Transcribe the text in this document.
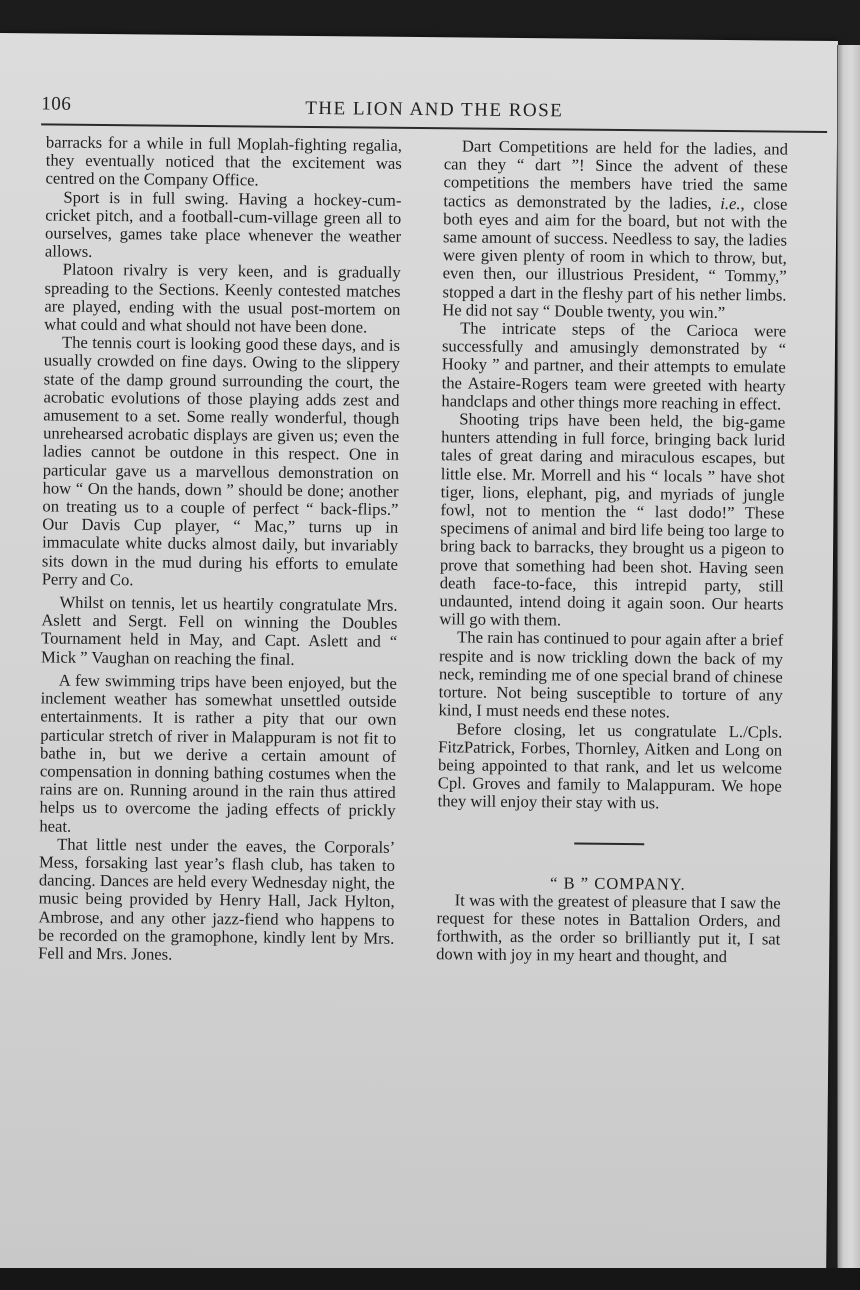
106	THE LION AND THE ROSE

barracks for a while in full Moplah-fighting regalia, they eventually noticed that the excitement was centred on the Company Office.

Sport is in full swing. Having a hockey-cum-cricket pitch, and a football-cum-village green all to ourselves, games take place whenever the weather allows.

Platoon rivalry is very keen, and is gradually spreading to the Sections. Keenly contested matches are played, ending with the usual post-mortem on what could and what should not have been done.

The tennis court is looking good these days, and is usually crowded on fine days. Owing to the slippery state of the damp ground surrounding the court, the acrobatic evolutions of those playing adds zest and amusement to a set. Some really wonderful, though unrehearsed acrobatic displays are given us; even the ladies cannot be outdone in this respect. One in particular gave us a marvellous demonstration on how “ On the hands, down ” should be done; another on treating us to a couple of perfect “ back-flips.” Our Davis Cup player, “ Mac,” turns up in immaculate white ducks almost daily, but invariably sits down in the mud during his efforts to emulate Perry and Co.

Whilst on tennis, let us heartily congratulate Mrs. Aslett and Sergt. Fell on winning the Doubles Tournament held in May, and Capt. Aslett and “ Mick ” Vaughan on reaching the final.

A few swimming trips have been enjoyed, but the inclement weather has somewhat unsettled outside entertainments. It is rather a pity that our own particular stretch of river in Malappuram is not fit to bathe in, but we derive a certain amount of compensation in donning bathing costumes when the rains are on. Running around in the rain thus attired helps us to overcome the jading effects of prickly heat.

That little nest under the eaves, the Corporals’ Mess, forsaking last year’s flash club, has taken to dancing. Dances are held every Wednesday night, the music being provided by Henry Hall, Jack Hylton, Ambrose, and any other jazz-fiend who happens to be recorded on the gramophone, kindly lent by Mrs. Fell and Mrs. Jones.

Dart Competitions are held for the ladies, and can they “ dart ”! Since the advent of these competitions the members have tried the same tactics as demonstrated by the ladies, i.e., close both eyes and aim for the board, but not with the same amount of success. Needless to say, the ladies were given plenty of room in which to throw, but, even then, our illustrious President, “ Tommy,” stopped a dart in the fleshy part of his nether limbs. He did not say “ Double twenty, you win.”

The intricate steps of the Carioca were successfully and amusingly demonstrated by “ Hooky ” and partner, and their attempts to emulate the Astaire-Rogers team were greeted with hearty handclaps and other things more reaching in effect.

Shooting trips have been held, the big-game hunters attending in full force, bringing back lurid tales of great daring and miraculous escapes, but little else. Mr. Morrell and his “ locals ” have shot tiger, lions, elephant, pig, and myriads of jungle fowl, not to mention the “ last dodo!” These specimens of animal and bird life being too large to bring back to barracks, they brought us a pigeon to prove that something had been shot. Having seen death face-to-face, this intrepid party, still undaunted, intend doing it again soon. Our hearts will go with them.

The rain has continued to pour again after a brief respite and is now trickling down the back of my neck, reminding me of one special brand of chinese torture. Not being susceptible to torture of any kind, I must needs end these notes.

Before closing, let us congratulate L./Cpls. FitzPatrick, Forbes, Thornley, Aitken and Long on being appointed to that rank, and let us welcome Cpl. Groves and family to Malappuram. We hope they will enjoy their stay with us.

“ B ” COMPANY.

It was with the greatest of pleasure that I saw the request for these notes in Battalion Orders, and forthwith, as the order so brilliantly put it, I sat down with joy in my heart and thought, and
